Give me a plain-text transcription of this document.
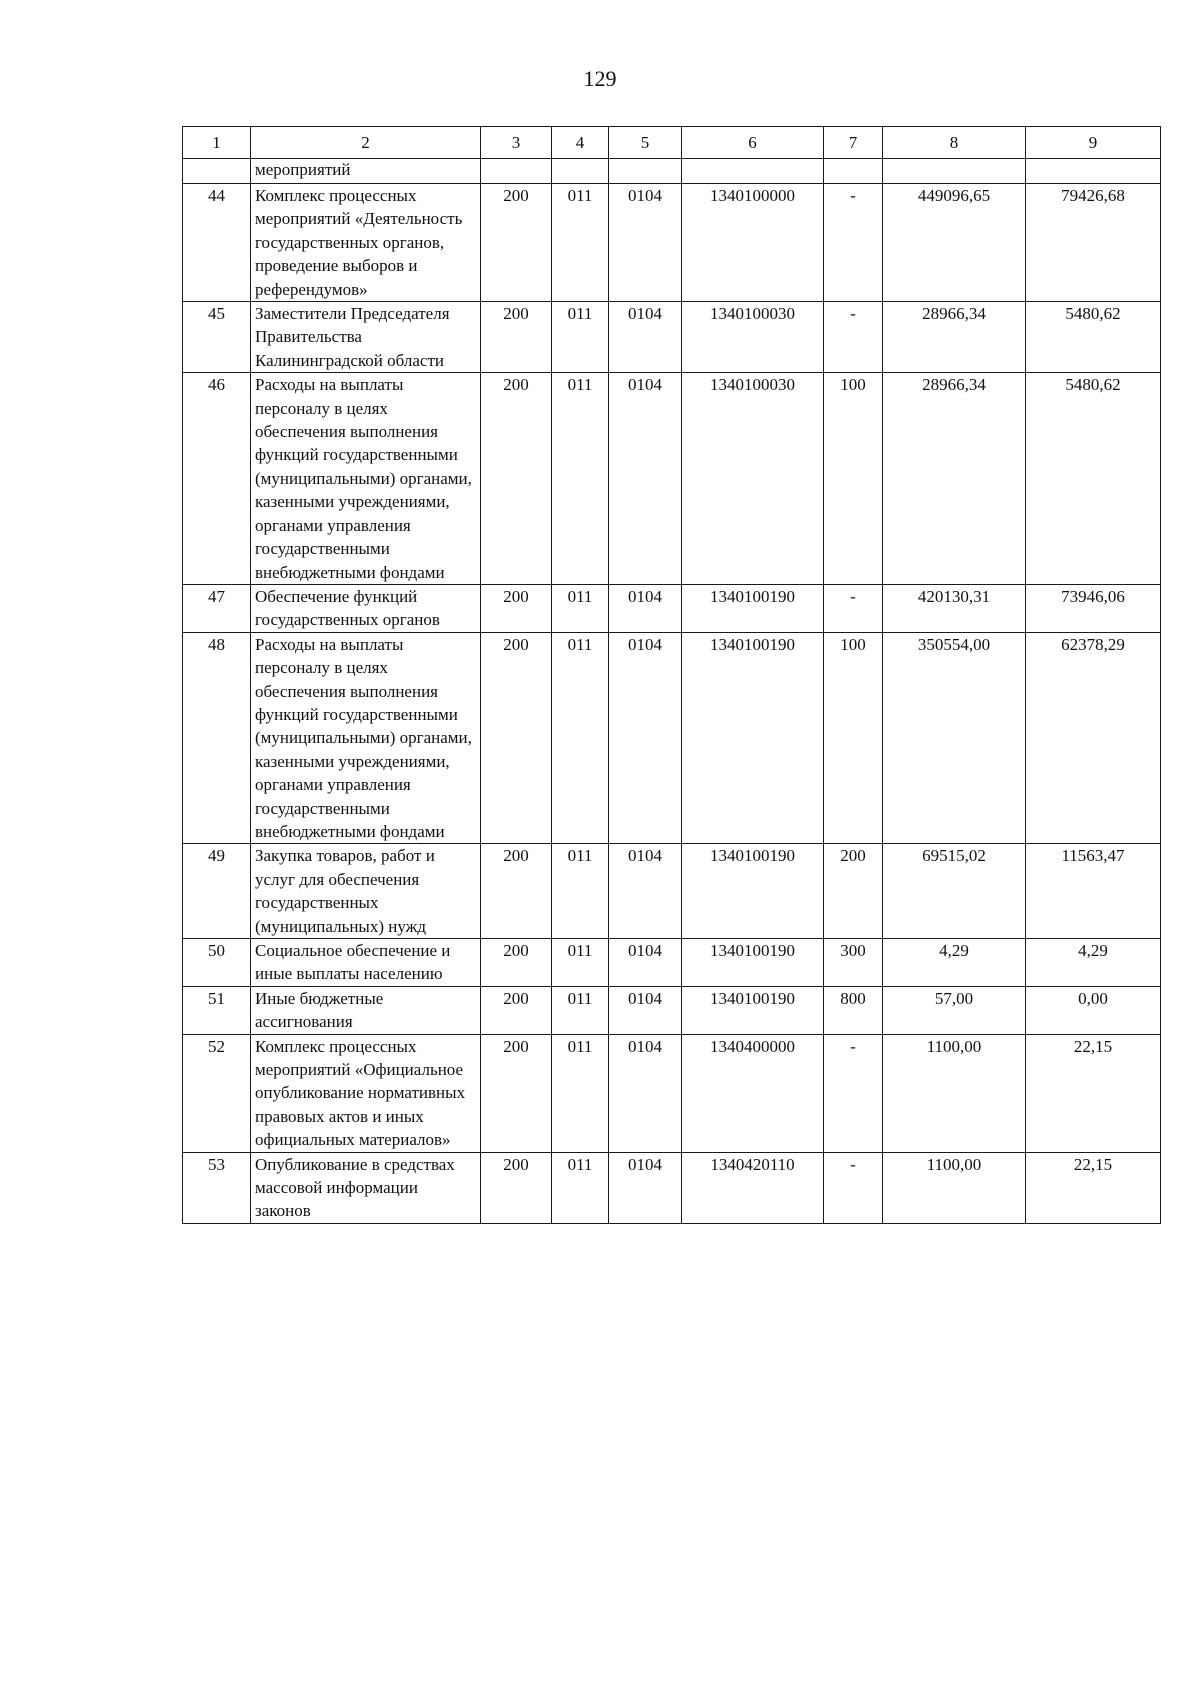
129
1	2	3	4	5	6	7	8	9
	мероприятий							
44	Комплекс процессных мероприятий «Деятельность государственных органов, проведение выборов и референдумов»	200	011	0104	1340100000	-	449096,65	79426,68
45	Заместители Председателя Правительства Калининградской области	200	011	0104	1340100030	-	28966,34	5480,62
46	Расходы на выплаты персоналу в целях обеспечения выполнения функций государственными (муниципальными) органами, казенными учреждениями, органами управления государственными внебюджетными фондами	200	011	0104	1340100030	100	28966,34	5480,62
47	Обеспечение функций государственных органов	200	011	0104	1340100190	-	420130,31	73946,06
48	Расходы на выплаты персоналу в целях обеспечения выполнения функций государственными (муниципальными) органами, казенными учреждениями, органами управления государственными внебюджетными фондами	200	011	0104	1340100190	100	350554,00	62378,29
49	Закупка товаров, работ и услуг для обеспечения государственных (муниципальных) нужд	200	011	0104	1340100190	200	69515,02	11563,47
50	Социальное обеспечение и иные выплаты населению	200	011	0104	1340100190	300	4,29	4,29
51	Иные бюджетные ассигнования	200	011	0104	1340100190	800	57,00	0,00
52	Комплекс процессных мероприятий «Официальное опубликование нормативных правовых актов и иных официальных материалов»	200	011	0104	1340400000	-	1100,00	22,15
53	Опубликование в средствах массовой информации законов	200	011	0104	1340420110	-	1100,00	22,15
